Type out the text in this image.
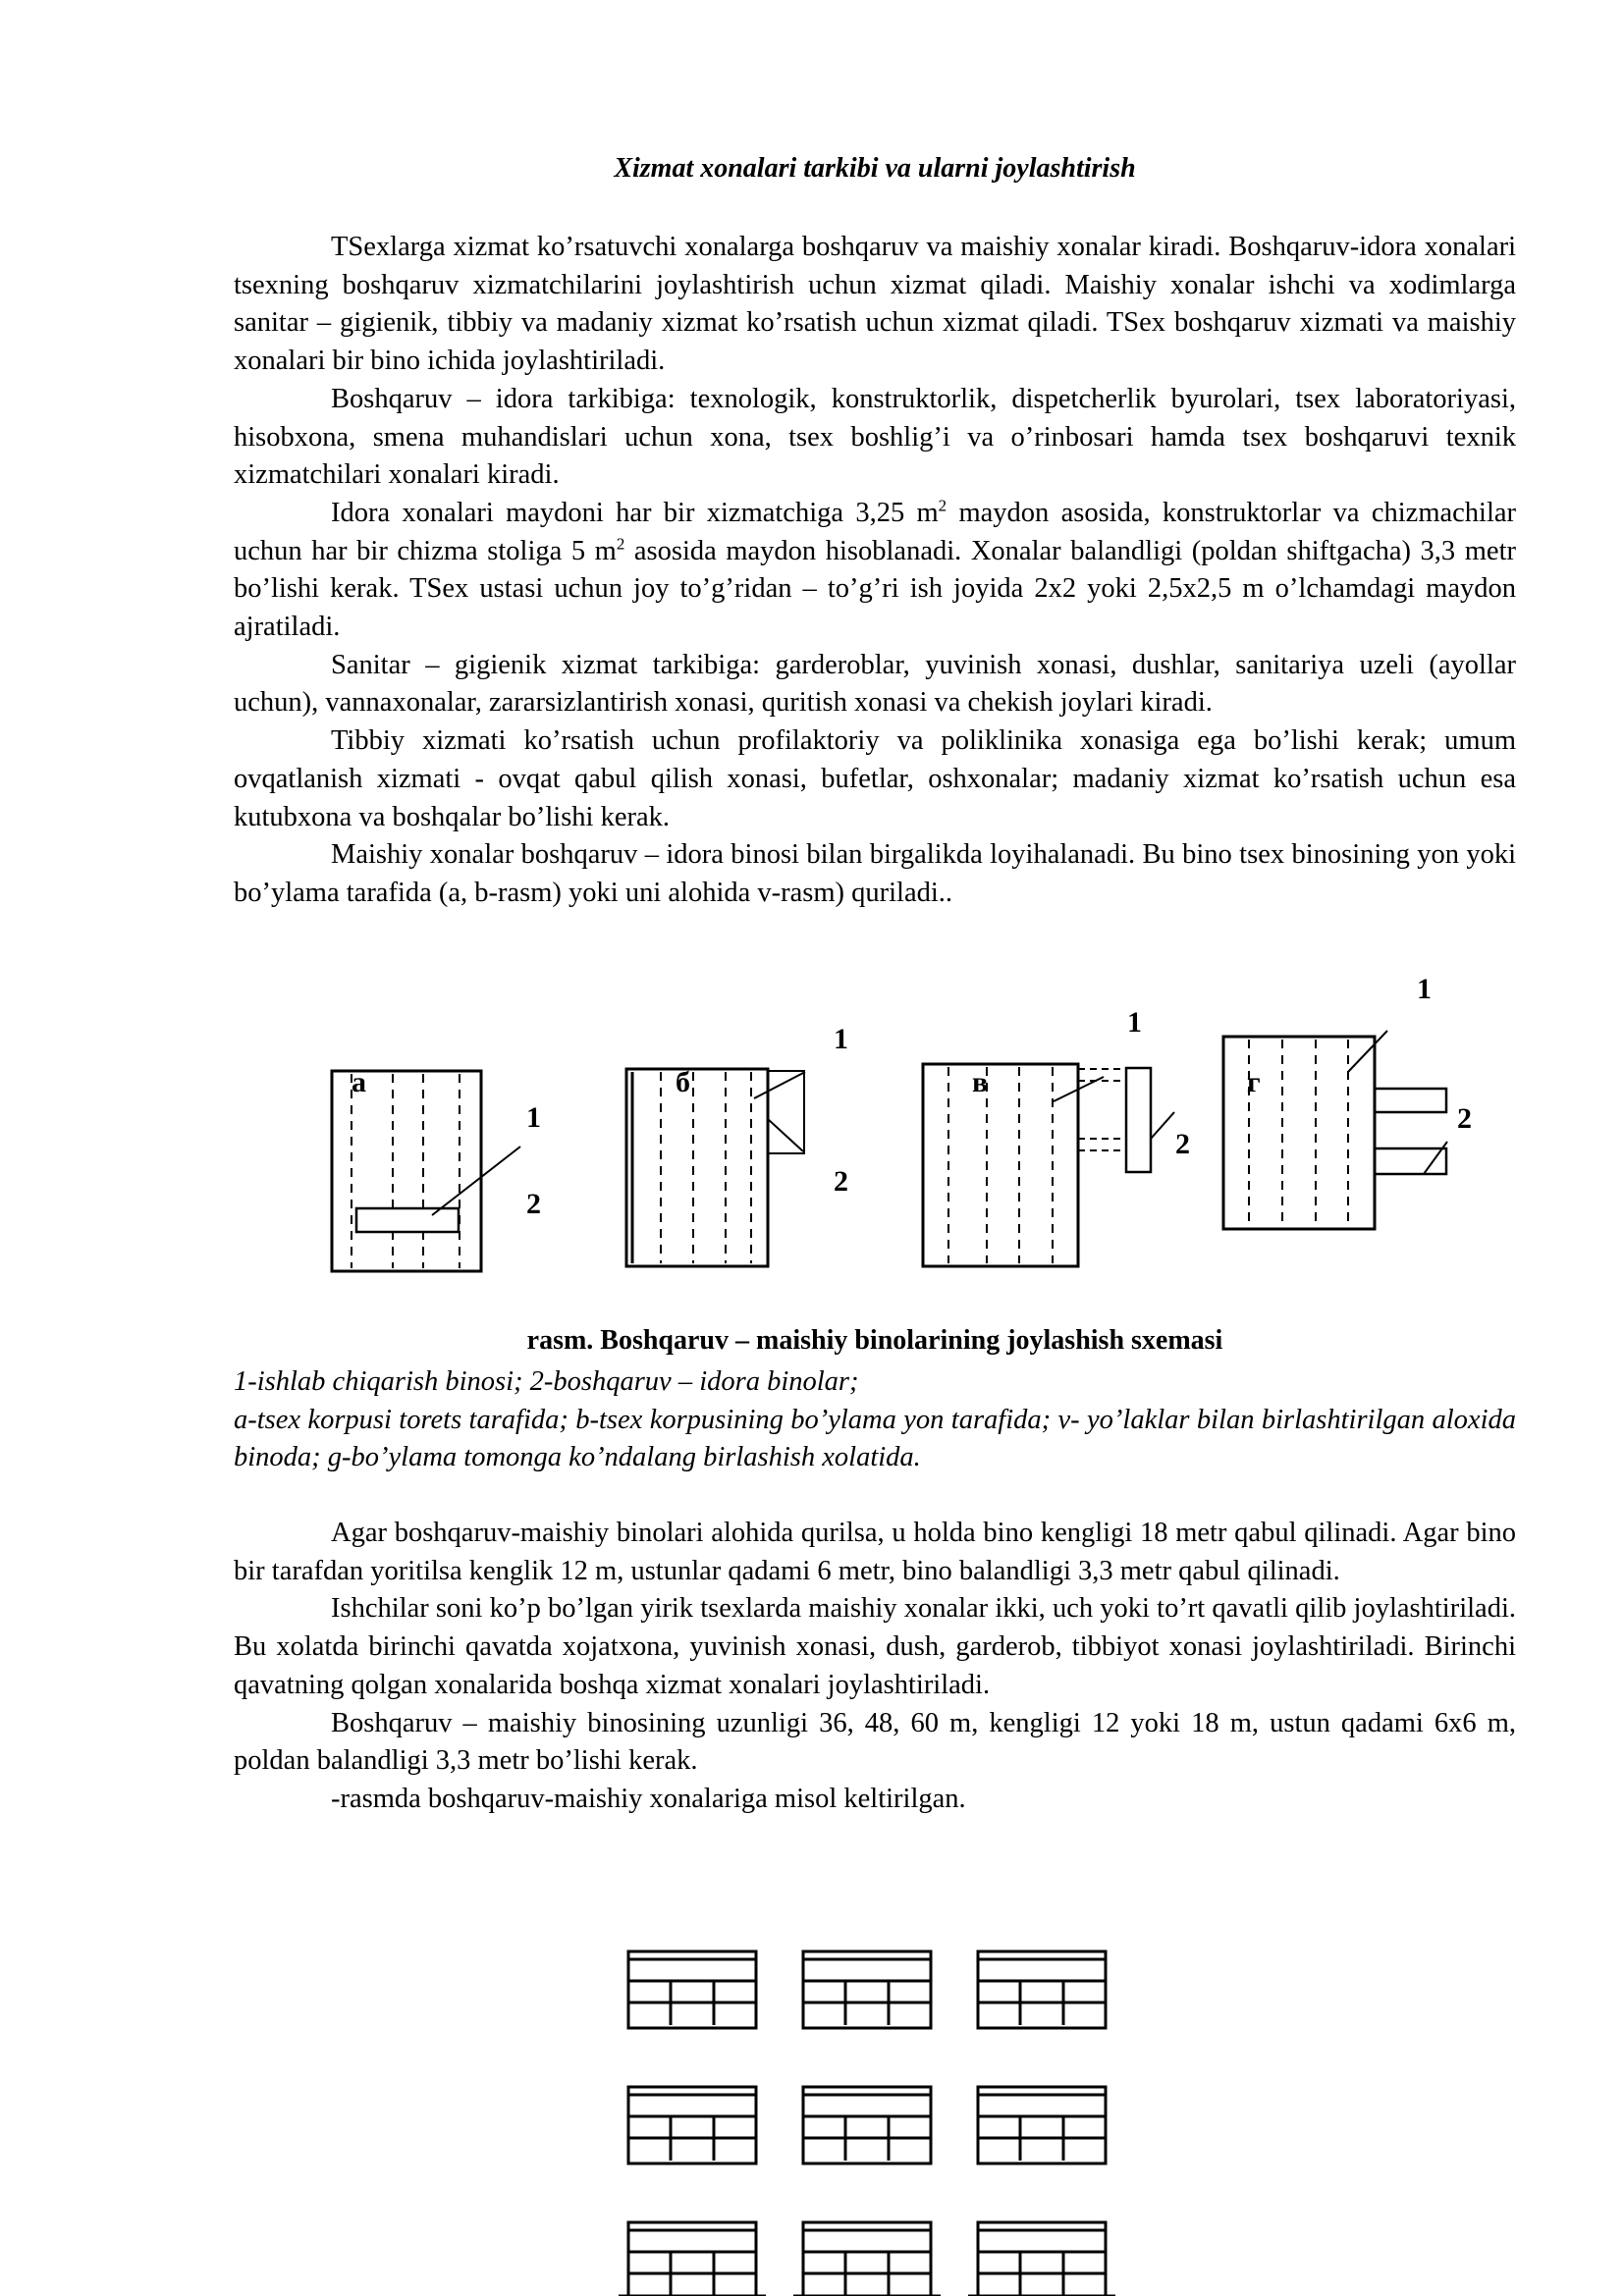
Xizmat xonalari tarkibi va ularni joylashtirish

TSexlarga xizmat ko’rsatuvchi xonalarga boshqaruv va maishiy xonalar kiradi. Boshqaruv-idora xonalari tsexning boshqaruv xizmatchilarini joylashtirish uchun xizmat qiladi. Maishiy xonalar ishchi va xodimlarga sanitar – gigienik, tibbiy va madaniy xizmat ko’rsatish uchun xizmat qiladi. TSex boshqaruv xizmati va maishiy xonalari bir bino ichida joylashtiriladi.

Boshqaruv – idora tarkibiga: texnologik, konstruktorlik, dispetcherlik byurolari, tsex laboratoriyasi, hisobxona, smena muhandislari uchun xona, tsex boshlig’i va o’rinbosari hamda tsex boshqaruvi texnik xizmatchilari xonalari kiradi.

Idora xonalari maydoni har bir xizmatchiga 3,25 $m^2$ maydon asosida, konstruktorlar va chizmachilar uchun har bir chizma stoliga 5 $m^2$ asosida maydon hisoblanadi. Xonalar balandligi (poldan shiftgacha) 3,3 metr bo’lishi kerak. TSex ustasi uchun joy to’g’ridan – to’g’ri ish joyida 2x2 yoki 2,5x2,5 m o’lchamdagi maydon ajratiladi.

Sanitar – gigienik xizmat tarkibiga: garderoblar, yuvinish xonasi, dushlar, sanitariya uzeli (ayollar uchun), vannaxonalar, zararsizlantirish xonasi, quritish xonasi va chekish joylari kiradi.

Tibbiy xizmati ko’rsatish uchun profilaktoriy va poliklinika xonasiga ega bo’lishi kerak; umum ovqatlanish xizmati - ovqat qabul qilish xonasi, bufetlar, oshxonalar; madaniy xizmat ko’rsatish uchun esa kutubxona va boshqalar bo’lishi kerak.

Maishiy xonalar boshqaruv – idora binosi bilan birgalikda loyihalanadi. Bu bino tsex binosining yon yoki bo’ylama tarafida (a, b-rasm) yoki uni alohida v-rasm) quriladi..

а
1
2
б
1
2
в
1
2
г
1
2
rasm. Boshqaruv – maishiy binolarining joylashish sxemasi

1-ishlab chiqarish binosi; 2-boshqaruv – idora binolar;

a-tsex korpusi torets tarafida; b-tsex korpusining bo’ylama yon tarafida; v- yo’laklar bilan birlashtirilgan aloxida binoda; g-bo’ylama tomonga ko’ndalang birlashish xolatida.

Agar boshqaruv-maishiy binolari alohida qurilsa, u holda bino kengligi 18 metr qabul qilinadi. Agar bino bir tarafdan yoritilsa kenglik 12 m, ustunlar qadami 6 metr, bino balandligi 3,3 metr qabul qilinadi.

Ishchilar soni ko’p bo’lgan yirik tsexlarda maishiy xonalar ikki, uch yoki to’rt qavatli qilib joylashtiriladi. Bu xolatda birinchi qavatda xojatxona, yuvinish xonasi, dush, garderob, tibbiyot xonasi joylashtiriladi. Birinchi qavatning qolgan xonalarida boshqa xizmat xonalari joylashtiriladi.

Boshqaruv – maishiy binosining uzunligi 36, 48, 60 m, kengligi 12 yoki 18 m, ustun qadami 6x6 m, poldan balandligi 3,3 metr bo’lishi kerak.

-rasmda boshqaruv-maishiy xonalariga misol keltirilgan.
